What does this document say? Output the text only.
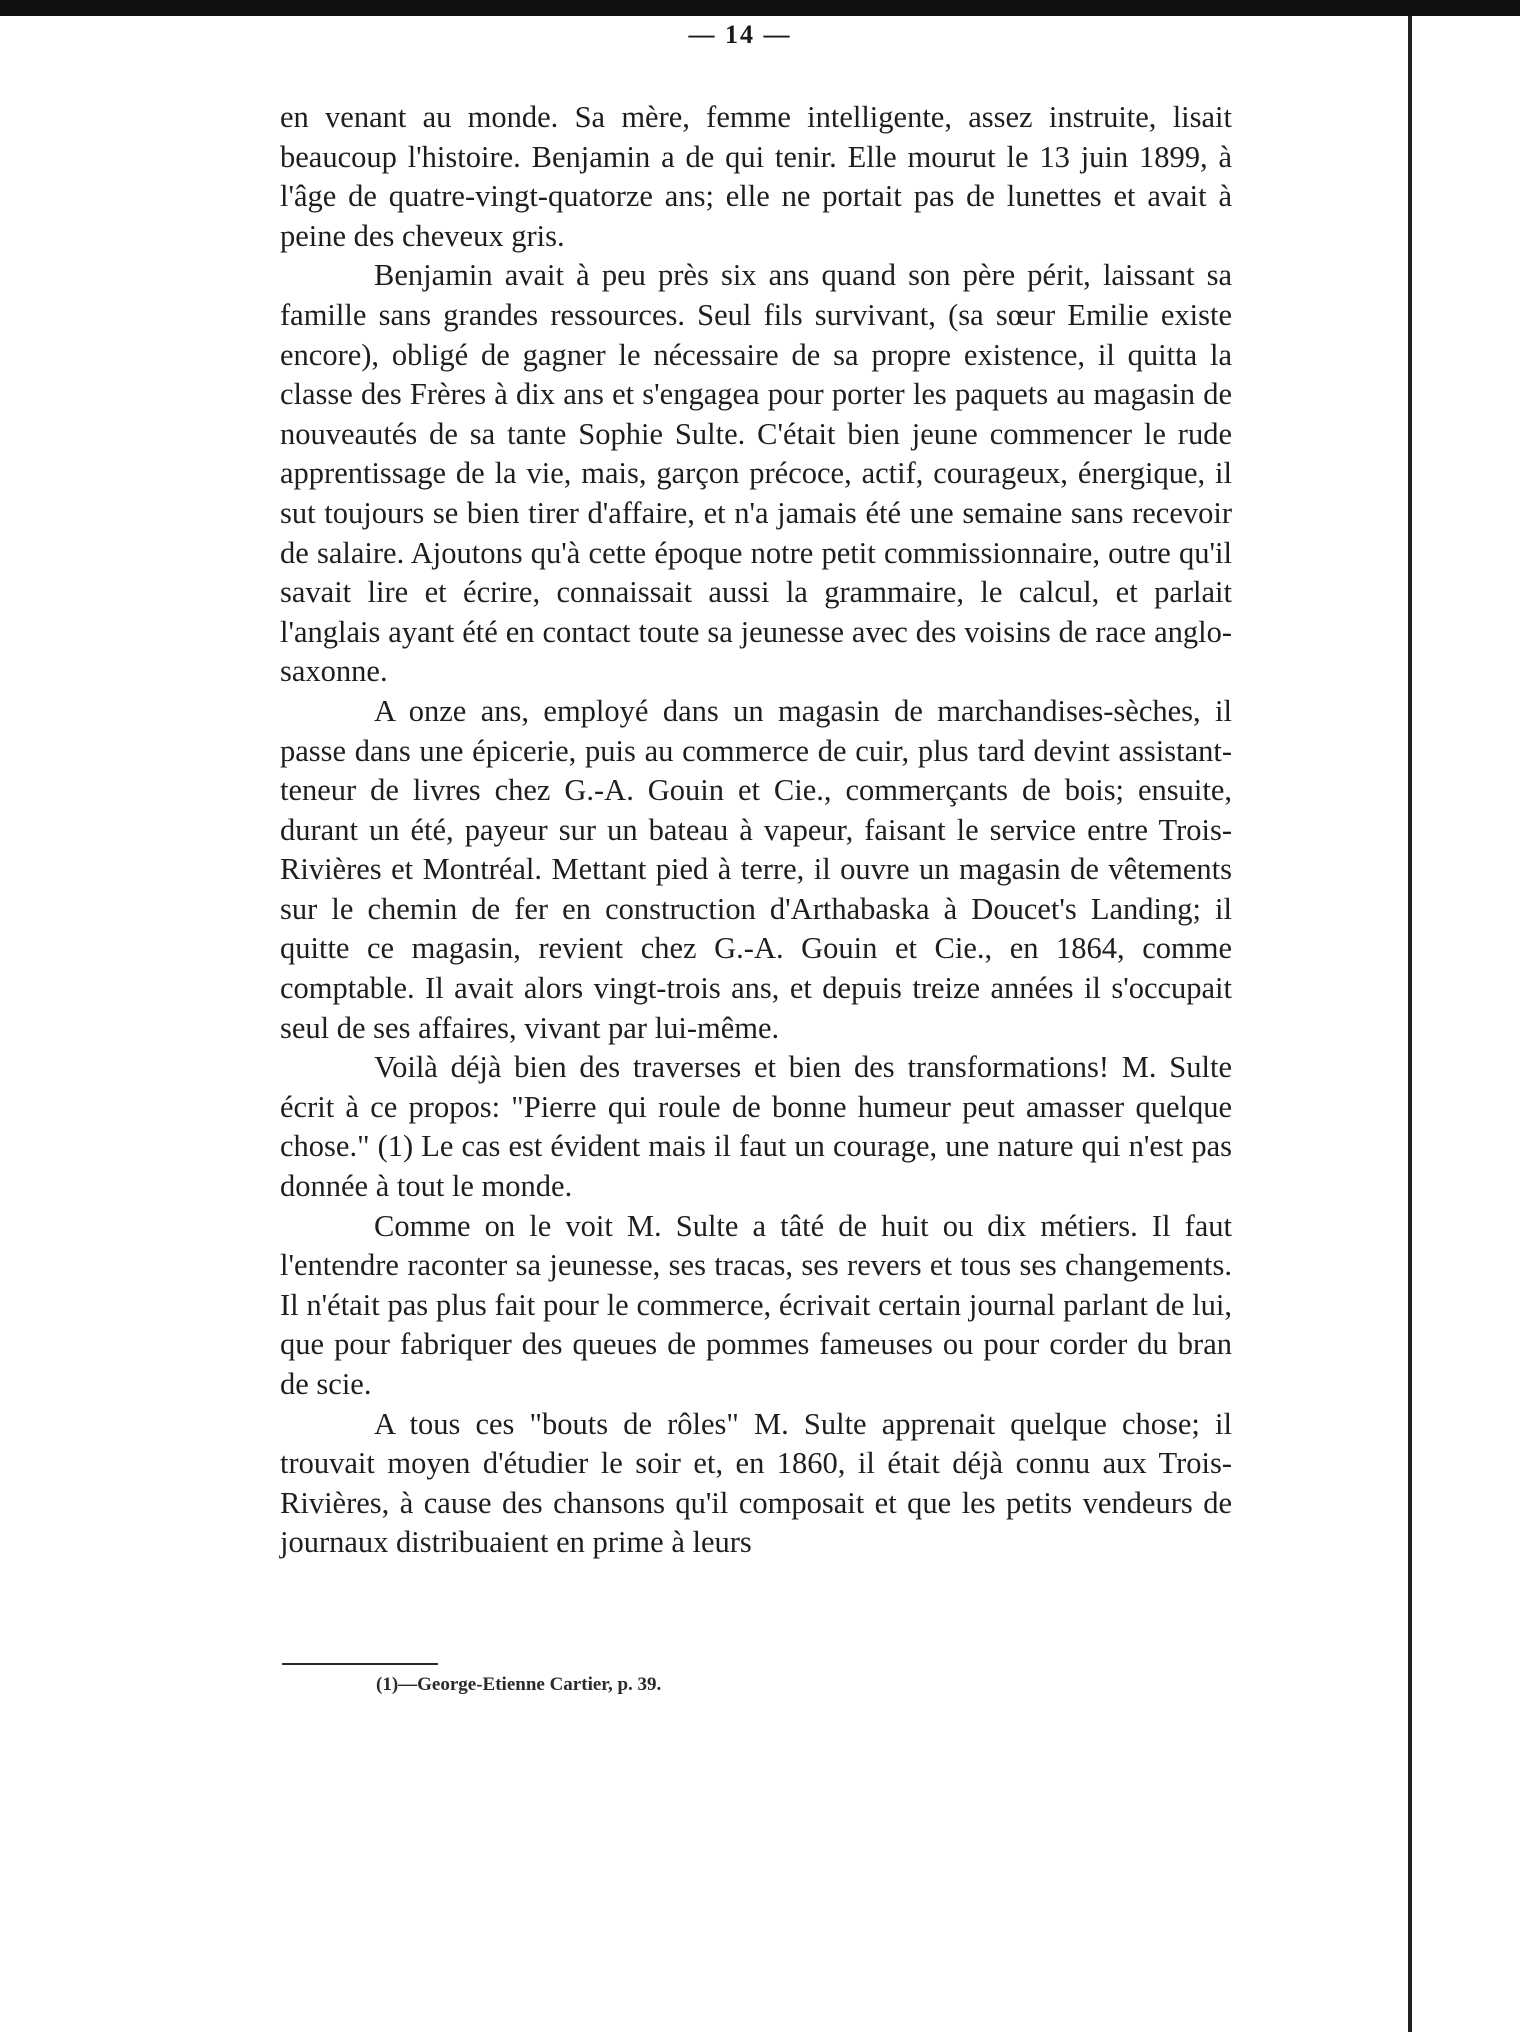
— 14 —

en venant au monde. Sa mère, femme intelligente, assez instruite, lisait beaucoup l'histoire. Benjamin a de qui tenir. Elle mourut le 13 juin 1899, à l'âge de quatre-vingt-quatorze ans; elle ne portait pas de lunettes et avait à peine des cheveux gris.

Benjamin avait à peu près six ans quand son père périt, laissant sa famille sans grandes ressources. Seul fils survivant, (sa sœur Emilie existe encore), obligé de gagner le nécessaire de sa propre existence, il quitta la classe des Frères à dix ans et s'engagea pour porter les paquets au magasin de nouveautés de sa tante Sophie Sulte. C'était bien jeune commencer le rude apprentissage de la vie, mais, garçon précoce, actif, courageux, énergique, il sut toujours se bien tirer d'affaire, et n'a jamais été une semaine sans recevoir de salaire. Ajoutons qu'à cette époque notre petit commissionnaire, outre qu'il savait lire et écrire, connaissait aussi la grammaire, le calcul, et parlait l'anglais ayant été en contact toute sa jeunesse avec des voisins de race anglo-saxonne.

A onze ans, employé dans un magasin de marchandises-sèches, il passe dans une épicerie, puis au commerce de cuir, plus tard devint assistant-teneur de livres chez G.-A. Gouin et Cie., commerçants de bois; ensuite, durant un été, payeur sur un bateau à vapeur, faisant le service entre Trois-Rivières et Montréal. Mettant pied à terre, il ouvre un magasin de vêtements sur le chemin de fer en construction d'Arthabaska à Doucet's Landing; il quitte ce magasin, revient chez G.-A. Gouin et Cie., en 1864, comme comptable. Il avait alors vingt-trois ans, et depuis treize années il s'occupait seul de ses affaires, vivant par lui-même.

Voilà déjà bien des traverses et bien des transformations! M. Sulte écrit à ce propos: "Pierre qui roule de bonne humeur peut amasser quelque chose." (1) Le cas est évident mais il faut un courage, une nature qui n'est pas donnée à tout le monde.

Comme on le voit M. Sulte a tâté de huit ou dix métiers. Il faut l'entendre raconter sa jeunesse, ses tracas, ses revers et tous ses changements. Il n'était pas plus fait pour le commerce, écrivait certain journal parlant de lui, que pour fabriquer des queues de pommes fameuses ou pour corder du bran de scie.

A tous ces "bouts de rôles" M. Sulte apprenait quelque chose; il trouvait moyen d'étudier le soir et, en 1860, il était déjà connu aux Trois-Rivières, à cause des chansons qu'il composait et que les petits vendeurs de journaux distribuaient en prime à leurs

(1)—George-Etienne Cartier, p. 39.
